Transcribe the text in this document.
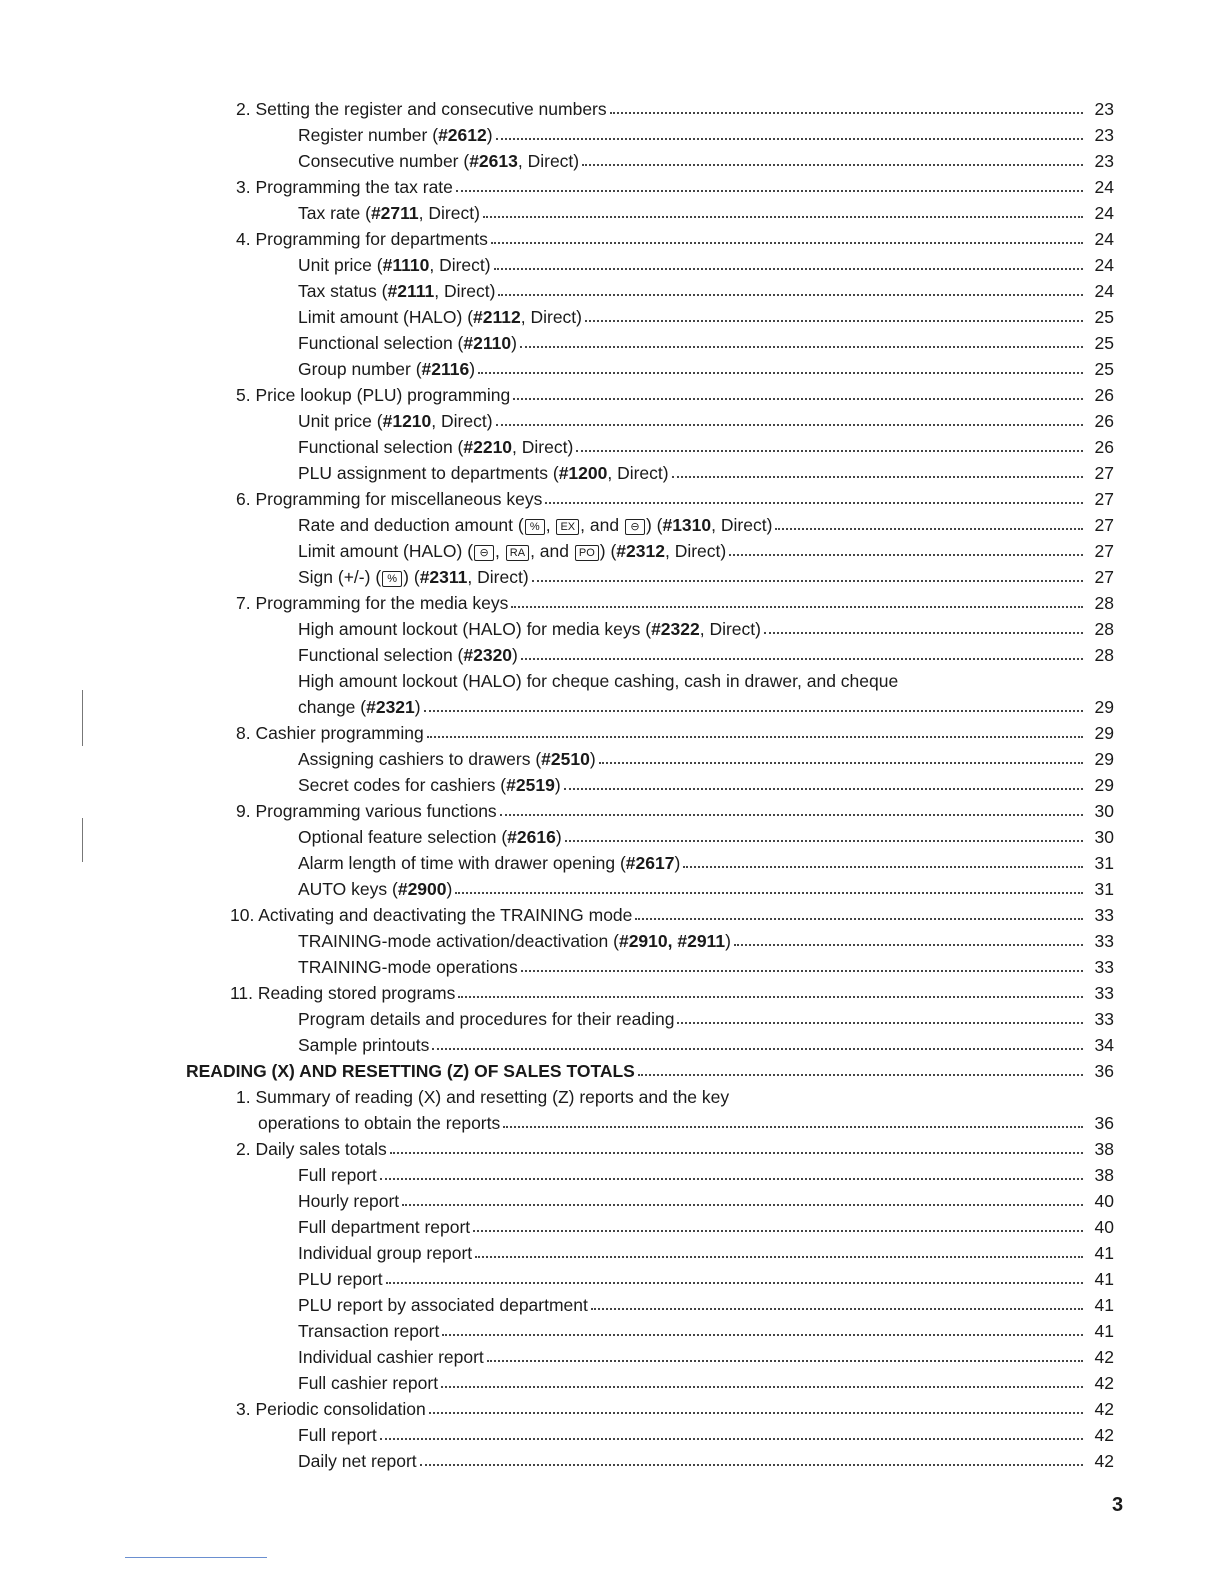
2. Setting the register and consecutive numbers	23
Register number (#2612)	23
Consecutive number (#2613, Direct)	23
3. Programming the tax rate	24
Tax rate (#2711, Direct)	24
4. Programming for departments	24
Unit price (#1110, Direct)	24
Tax status (#2111, Direct)	24
Limit amount (HALO) (#2112, Direct)	25
Functional selection (#2110)	25
Group number (#2116)	25
5. Price lookup (PLU) programming	26
Unit price (#1210, Direct)	26
Functional selection (#2210, Direct)	26
PLU assignment to departments (#1200, Direct)	27
6. Programming for miscellaneous keys	27
Rate and deduction amount ( % , EX , and ⊖ ) (#1310, Direct)	27
Limit amount (HALO) ( ⊖ , RA , and PO ) (#2312, Direct)	27
Sign (+/-) ( % ) (#2311, Direct)	27
7. Programming for the media keys	28
High amount lockout (HALO) for media keys (#2322, Direct)	28
Functional selection (#2320)	28
High amount lockout (HALO) for cheque cashing, cash in drawer, and cheque
change (#2321)	29
8. Cashier programming	29
Assigning cashiers to drawers (#2510)	29
Secret codes for cashiers (#2519)	29
9. Programming various functions	30
Optional feature selection (#2616)	30
Alarm length of time with drawer opening (#2617)	31
AUTO keys (#2900)	31
10. Activating and deactivating the TRAINING mode	33
TRAINING-mode activation/deactivation (#2910, #2911)	33
TRAINING-mode operations	33
11. Reading stored programs	33
Program details and procedures for their reading	33
Sample printouts	34
READING (X) AND RESETTING (Z) OF SALES TOTALS	36
1. Summary of reading (X) and resetting (Z) reports and the key
operations to obtain the reports	36
2. Daily sales totals	38
Full report	38
Hourly report	40
Full department report	40
Individual group report	41
PLU report	41
PLU report by associated department	41
Transaction report	41
Individual cashier report	42
Full cashier report	42
3. Periodic consolidation	42
Full report	42
Daily net report	42
3
